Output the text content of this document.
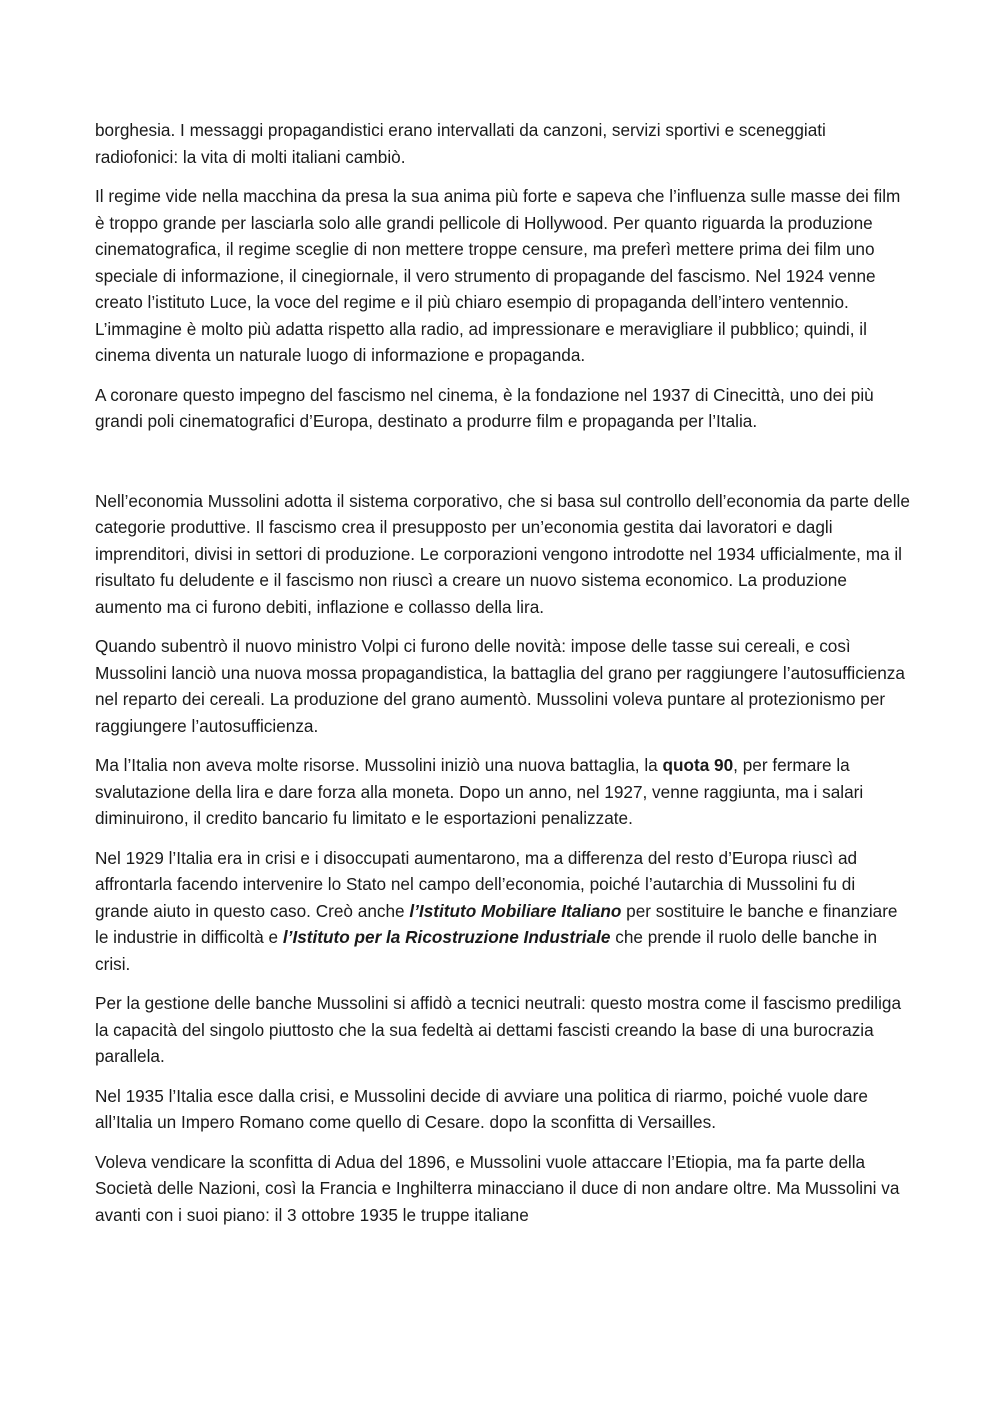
borghesia. I messaggi propagandistici erano intervallati da canzoni, servizi sportivi e sceneggiati radiofonici: la vita di molti italiani cambiò.

Il regime vide nella macchina da presa la sua anima più forte e sapeva che l’influenza sulle masse dei film è troppo grande per lasciarla solo alle grandi pellicole di Hollywood. Per quanto riguarda la produzione cinematografica, il regime sceglie di non mettere troppe censure, ma preferì mettere prima dei film uno speciale di informazione, il cinegiornale, il vero strumento di propagande del fascismo. Nel 1924 venne creato l’istituto Luce, la voce del regime e il più chiaro esempio di propaganda dell’intero ventennio. L’immagine è molto più adatta rispetto alla radio, ad impressionare e meravigliare il pubblico; quindi, il cinema diventa un naturale luogo di informazione e propaganda.

A coronare questo impegno del fascismo nel cinema, è la fondazione nel 1937 di Cinecittà, uno dei più grandi poli cinematografici d’Europa, destinato a produrre film e propaganda per l’Italia.

Nell’economia Mussolini adotta il sistema corporativo, che si basa sul controllo dell’economia da parte delle categorie produttive. Il fascismo crea il presupposto per un’economia gestita dai lavoratori e dagli imprenditori, divisi in settori di produzione. Le corporazioni vengono introdotte nel 1934 ufficialmente, ma il risultato fu deludente e il fascismo non riuscì a creare un nuovo sistema economico. La produzione aumento ma ci furono debiti, inflazione e collasso della lira.

Quando subentrò il nuovo ministro Volpi ci furono delle novità: impose delle tasse sui cereali, e così Mussolini lanciò una nuova mossa propagandistica, la battaglia del grano per raggiungere l’autosufficienza nel reparto dei cereali. La produzione del grano aumentò. Mussolini voleva puntare al protezionismo per raggiungere l’autosufficienza.

Ma l’Italia non aveva molte risorse. Mussolini iniziò una nuova battaglia, la quota 90, per fermare la svalutazione della lira e dare forza alla moneta. Dopo un anno, nel 1927, venne raggiunta, ma i salari diminuirono, il credito bancario fu limitato e le esportazioni penalizzate.

Nel 1929 l’Italia era in crisi e i disoccupati aumentarono, ma a differenza del resto d’Europa riuscì ad affrontarla facendo intervenire lo Stato nel campo dell’economia, poiché l’autarchia di Mussolini fu di grande aiuto in questo caso. Creò anche l’Istituto Mobiliare Italiano per sostituire le banche e finanziare le industrie in difficoltà e l’Istituto per la Ricostruzione Industriale che prende il ruolo delle banche in crisi.

Per la gestione delle banche Mussolini si affidò a tecnici neutrali: questo mostra come il fascismo prediliga la capacità del singolo piuttosto che la sua fedeltà ai dettami fascisti creando la base di una burocrazia parallela.

Nel 1935 l’Italia esce dalla crisi, e Mussolini decide di avviare una politica di riarmo, poiché vuole dare all’Italia un Impero Romano come quello di Cesare. dopo la sconfitta di Versailles.

Voleva vendicare la sconfitta di Adua del 1896, e Mussolini vuole attaccare l’Etiopia, ma fa parte della Società delle Nazioni, così la Francia e Inghilterra minacciano il duce di non andare oltre. Ma Mussolini va avanti con i suoi piano: il 3 ottobre 1935 le truppe italiane
